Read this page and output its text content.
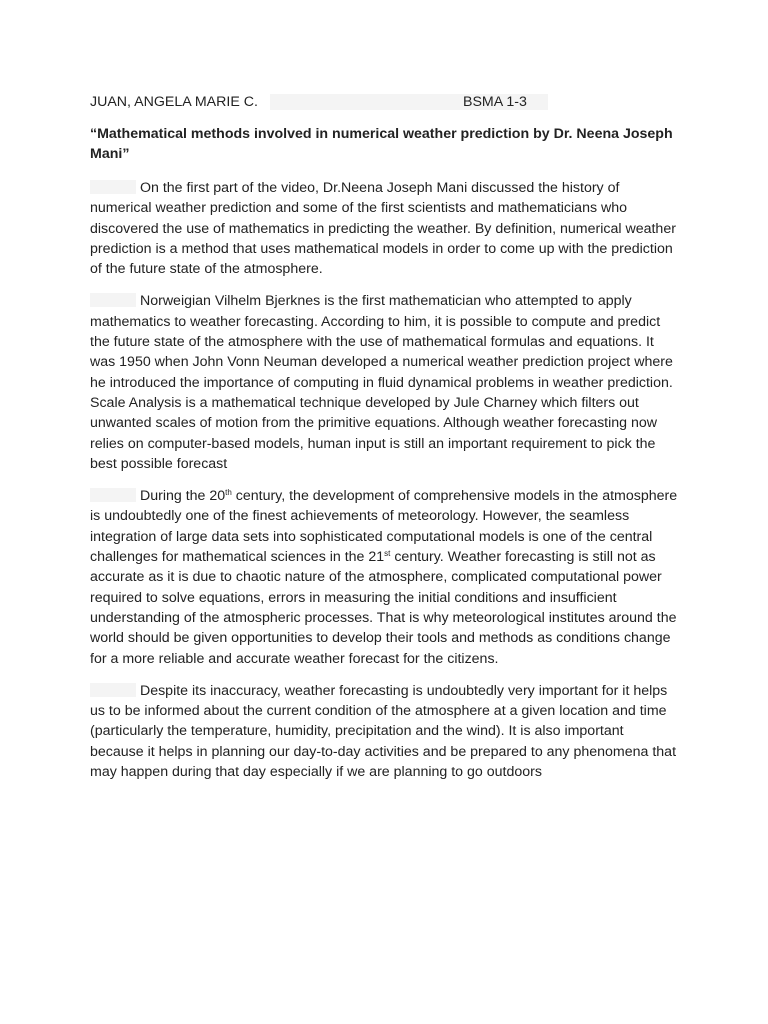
JUAN, ANGELA MARIE C.	BSMA 1-3
“Mathematical methods involved in numerical weather prediction by Dr. Neena Joseph Mani”
On the first part of the video, Dr.Neena Joseph Mani discussed the history of numerical weather prediction and some of the first scientists and mathematicians who discovered the use of mathematics in predicting the weather. By definition, numerical weather prediction is a method that uses mathematical models in order to come up with the prediction of the future state of the atmosphere.
Norweigian Vilhelm Bjerknes is the first mathematician who attempted to apply mathematics to weather forecasting. According to him, it is possible to compute and predict the future state of the atmosphere with the use of mathematical formulas and equations. It was 1950 when John Vonn Neuman developed a numerical weather prediction project where he introduced the importance of computing in fluid dynamical problems in weather prediction. Scale Analysis is a mathematical technique developed by Jule Charney which filters out unwanted scales of motion from the primitive equations. Although weather forecasting now relies on computer-based models, human input is still an important requirement to pick the best possible forecast
During the 20th century, the development of comprehensive models in the atmosphere is undoubtedly one of the finest achievements of meteorology. However, the seamless integration of large data sets into sophisticated computational models is one of the central challenges for mathematical sciences in the 21st century. Weather forecasting is still not as accurate as it is due to chaotic nature of the atmosphere, complicated computational power required to solve equations, errors in measuring the initial conditions and insufficient understanding of the atmospheric processes. That is why meteorological institutes around the world should be given opportunities to develop their tools and methods as conditions change for a more reliable and accurate weather forecast for the citizens.
Despite its inaccuracy, weather forecasting is undoubtedly very important for it helps us to be informed about the current condition of the atmosphere at a given location and time (particularly the temperature, humidity, precipitation and the wind). It is also important because it helps in planning our day-to-day activities and be prepared to any phenomena that may happen during that day especially if we are planning to go outdoors
